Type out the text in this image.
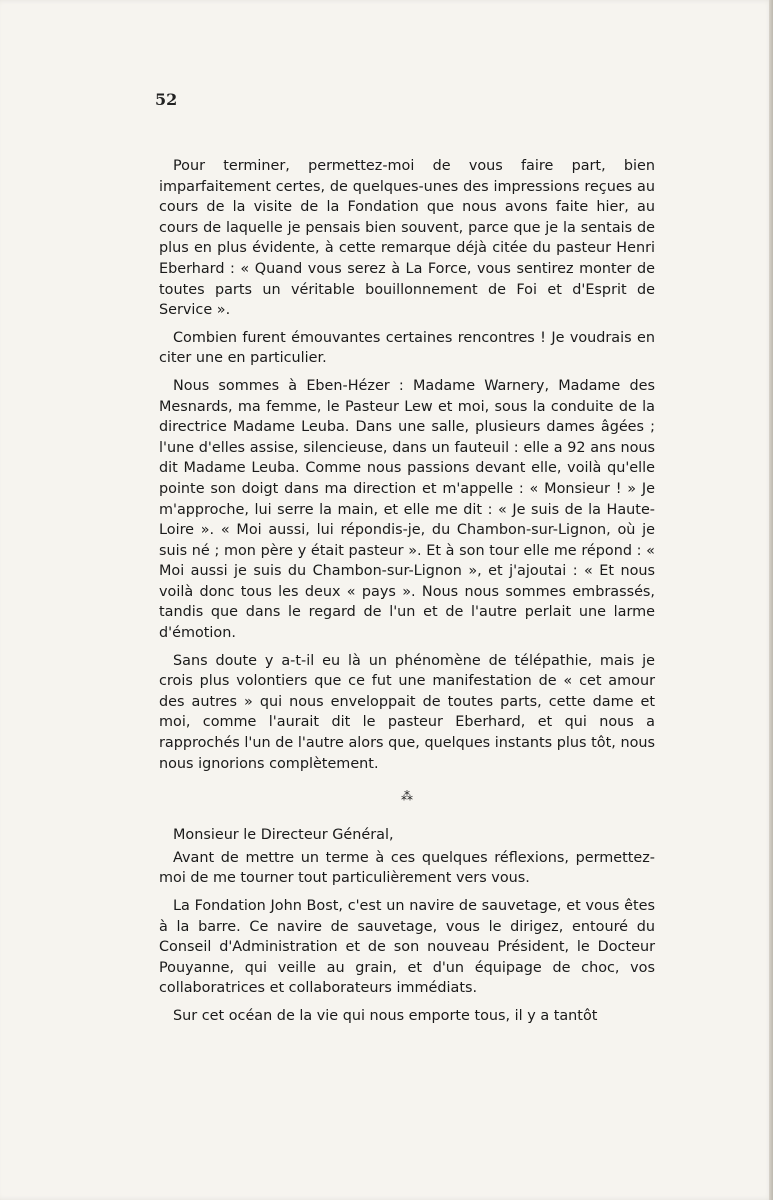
52

Pour terminer, permettez-moi de vous faire part, bien imparfaitement certes, de quelques-unes des impressions reçues au cours de la visite de la Fondation que nous avons faite hier, au cours de laquelle je pensais bien souvent, parce que je la sentais de plus en plus évidente, à cette remarque déjà citée du pasteur Henri Eberhard : « Quand vous serez à La Force, vous sentirez monter de toutes parts un véritable bouillonnement de Foi et d'Esprit de Service ».

Combien furent émouvantes certaines rencontres ! Je voudrais en citer une en particulier.

Nous sommes à Eben-Hézer : Madame Warnery, Madame des Mesnards, ma femme, le Pasteur Lew et moi, sous la conduite de la directrice Madame Leuba. Dans une salle, plusieurs dames âgées ; l'une d'elles assise, silencieuse, dans un fauteuil : elle a 92 ans nous dit Madame Leuba. Comme nous passions devant elle, voilà qu'elle pointe son doigt dans ma direction et m'appelle : « Monsieur ! » Je m'approche, lui serre la main, et elle me dit : « Je suis de la Haute-Loire ». « Moi aussi, lui répondis-je, du Chambon-sur-Lignon, où je suis né ; mon père y était pasteur ». Et à son tour elle me répond : « Moi aussi je suis du Chambon-sur-Lignon », et j'ajoutai : « Et nous voilà donc tous les deux « pays ». Nous nous sommes embrassés, tandis que dans le regard de l'un et de l'autre perlait une larme d'émotion.

Sans doute y a-t-il eu là un phénomène de télépathie, mais je crois plus volontiers que ce fut une manifestation de « cet amour des autres » qui nous enveloppait de toutes parts, cette dame et moi, comme l'aurait dit le pasteur Eberhard, et qui nous a rapprochés l'un de l'autre alors que, quelques instants plus tôt, nous nous ignorions complètement.

⁂

Monsieur le Directeur Général,

Avant de mettre un terme à ces quelques réflexions, permettez-moi de me tourner tout particulièrement vers vous.

La Fondation John Bost, c'est un navire de sauvetage, et vous êtes à la barre. Ce navire de sauvetage, vous le dirigez, entouré du Conseil d'Administration et de son nouveau Président, le Docteur Pouyanne, qui veille au grain, et d'un équipage de choc, vos collaboratrices et collaborateurs immédiats.

Sur cet océan de la vie qui nous emporte tous, il y a tantôt
